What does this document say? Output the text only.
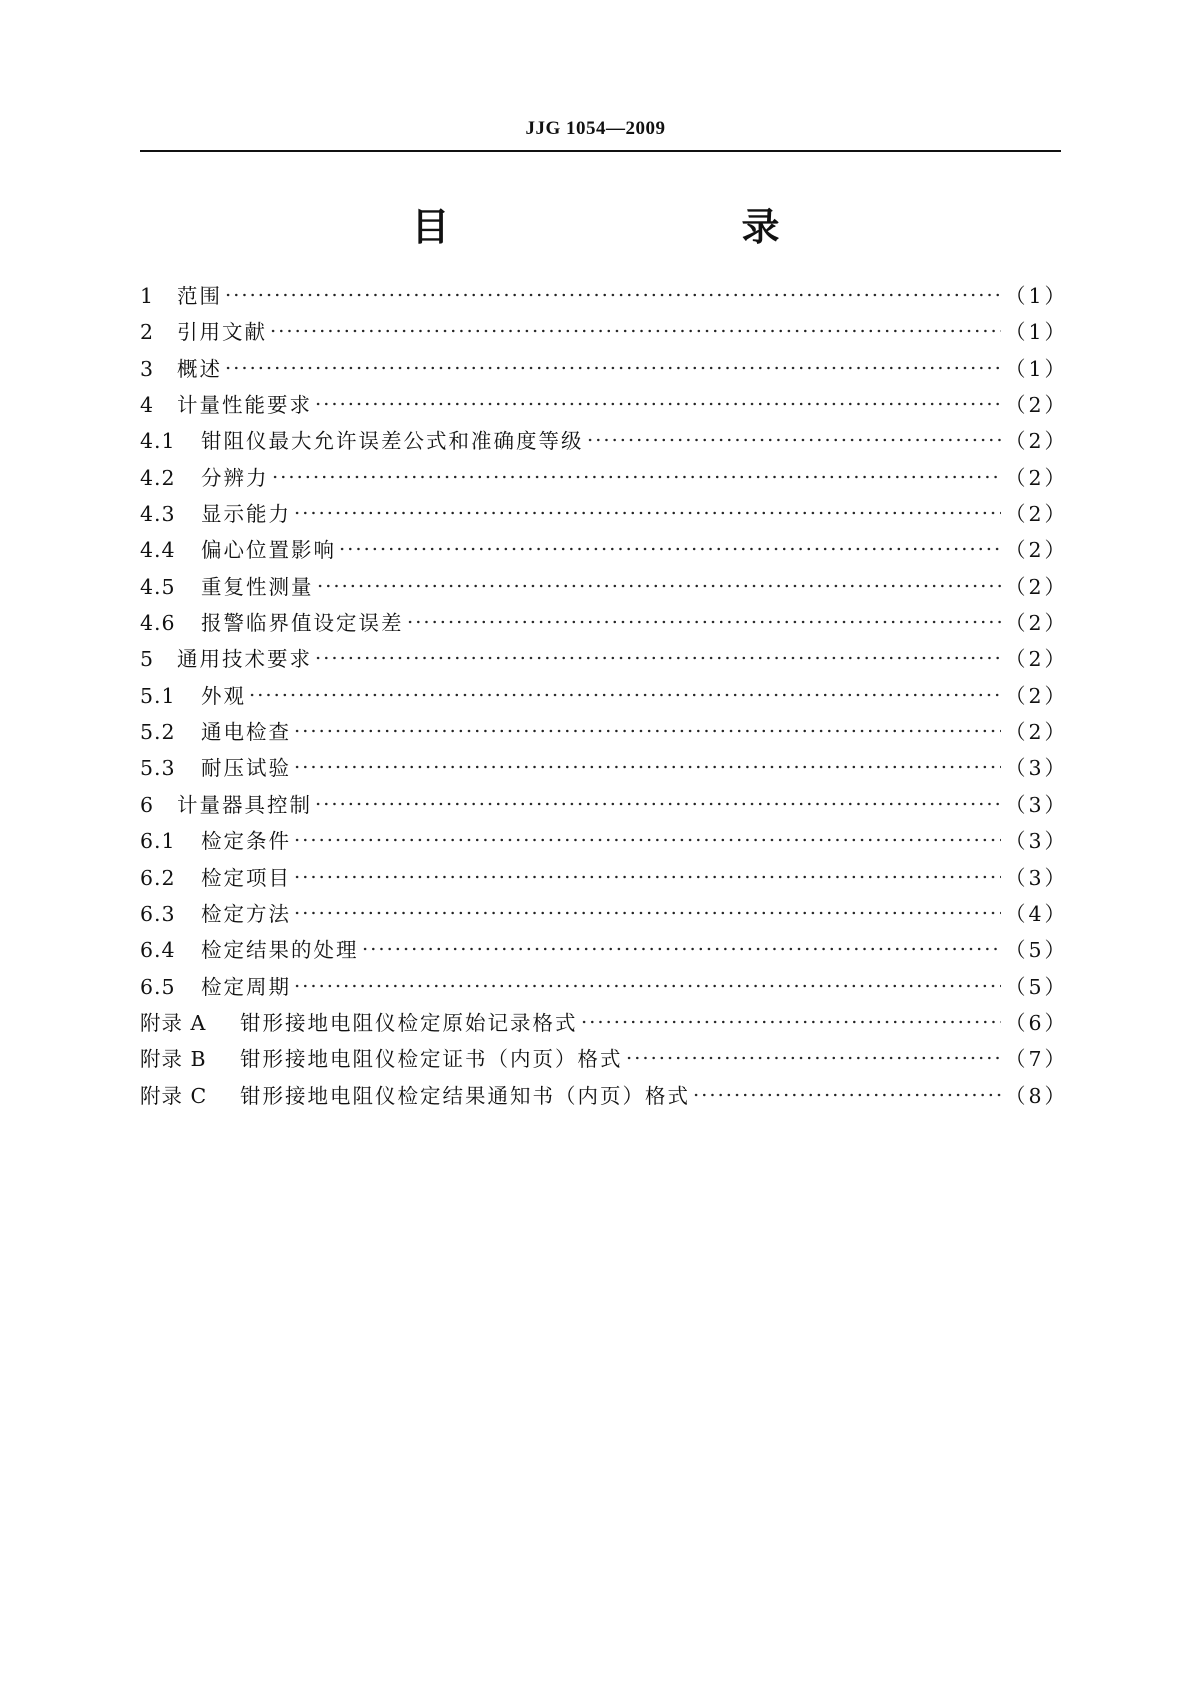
JJG 1054—2009
目　　录
1	范围	（1）
2	引用文献	（1）
3	概述	（1）
4	计量性能要求	（2）
4.1	钳阻仪最大允许误差公式和准确度等级	（2）
4.2	分辨力	（2）
4.3	显示能力	（2）
4.4	偏心位置影响	（2）
4.5	重复性测量	（2）
4.6	报警临界值设定误差	（2）
5	通用技术要求	（2）
5.1	外观	（2）
5.2	通电检查	（2）
5.3	耐压试验	（3）
6	计量器具控制	（3）
6.1	检定条件	（3）
6.2	检定项目	（3）
6.3	检定方法	（4）
6.4	检定结果的处理	（5）
6.5	检定周期	（5）
附录 A	钳形接地电阻仪检定原始记录格式	（6）
附录 B	钳形接地电阻仪检定证书（内页）格式	（7）
附录 C	钳形接地电阻仪检定结果通知书（内页）格式	（8）
